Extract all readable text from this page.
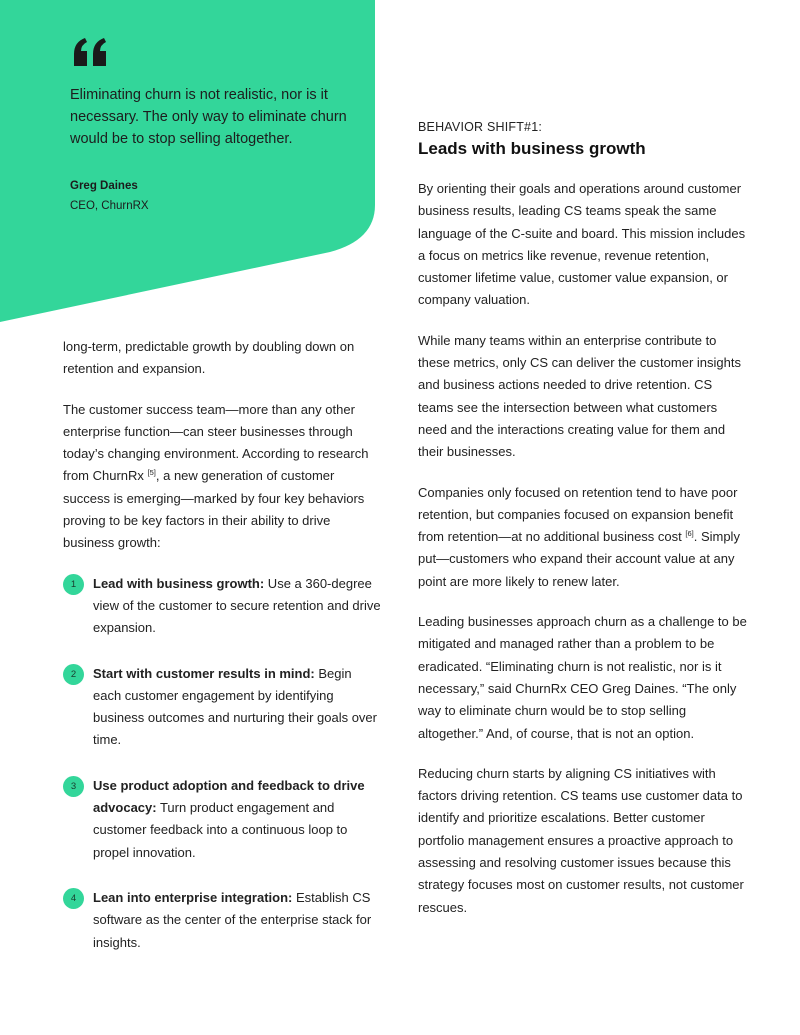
Eliminating churn is not realistic, nor is it necessary. The only way to eliminate churn would be to stop selling altogether.
Greg Daines
CEO, ChurnRX

long-term, predictable growth by doubling down on retention and expansion.

The customer success team—more than any other enterprise function—can steer businesses through today’s changing environment. According to research from ChurnRx [5], a new generation of customer success is emerging—marked by four key behaviors proving to be key factors in their ability to drive business growth:

1	Lead with business growth: Use a 360-degree view of the customer to secure retention and drive expansion.
2	Start with customer results in mind: Begin each customer engagement by identifying business outcomes and nurturing their goals over time.
3	Use product adoption and feedback to drive advocacy: Turn product engagement and customer feedback into a continuous loop to propel innovation.
4	Lean into enterprise integration: Establish CS software as the center of the enterprise stack for insights.
BEHAVIOR SHIFT#1:
Leads with business growth

By orienting their goals and operations around customer business results, leading CS teams speak the same language of the C-suite and board. This mission includes a focus on metrics like revenue, revenue retention, customer lifetime value, customer value expansion, or company valuation.

While many teams within an enterprise contribute to these metrics, only CS can deliver the customer insights and business actions needed to drive retention. CS teams see the intersection between what customers need and the interactions creating value for them and their businesses.

Companies only focused on retention tend to have poor retention, but companies focused on expansion benefit from retention—at no additional business cost [6]. Simply put—customers who expand their account value at any point are more likely to renew later.

Leading businesses approach churn as a challenge to be mitigated and managed rather than a problem to be eradicated. “Eliminating churn is not realistic, nor is it necessary,” said ChurnRx CEO Greg Daines. “The only way to eliminate churn would be to stop selling altogether.” And, of course, that is not an option.

Reducing churn starts by aligning CS initiatives with factors driving retention. CS teams use customer data to identify and prioritize escalations. Better customer portfolio management ensures a proactive approach to assessing and resolving customer issues because this strategy focuses most on customer results, not customer rescues.
